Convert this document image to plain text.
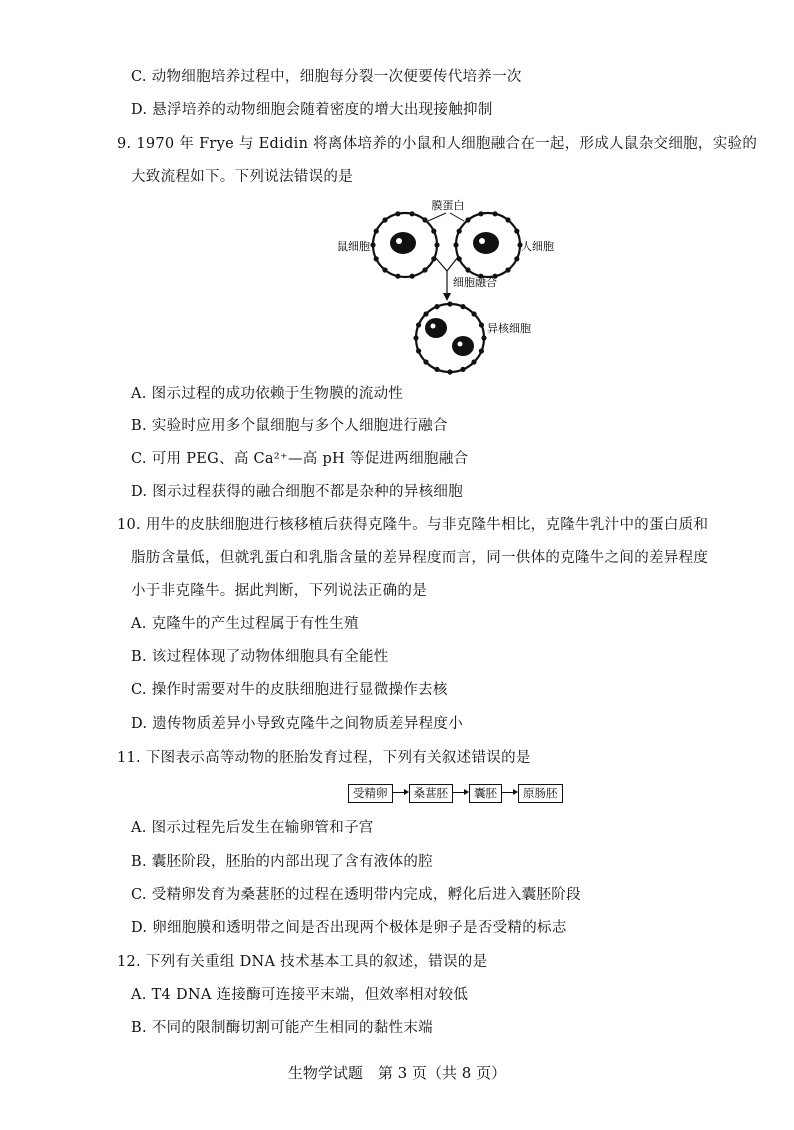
C. 动物细胞培养过程中，细胞每分裂一次便要传代培养一次
D. 悬浮培养的动物细胞会随着密度的增大出现接触抑制
9. 1970 年 Frye 与 Edidin 将离体培养的小鼠和人细胞融合在一起，形成人鼠杂交细胞，实验的
大致流程如下。下列说法错误的是
膜蛋白
鼠细胞	人细胞
细胞融合
异核细胞
A. 图示过程的成功依赖于生物膜的流动性
B. 实验时应用多个鼠细胞与多个人细胞进行融合
C. 可用 PEG、高 Ca²⁺—高 pH 等促进两细胞融合
D. 图示过程获得的融合细胞不都是杂种的异核细胞
10. 用牛的皮肤细胞进行核移植后获得克隆牛。与非克隆牛相比，克隆牛乳汁中的蛋白质和
脂肪含量低，但就乳蛋白和乳脂含量的差异程度而言，同一供体的克隆牛之间的差异程度
小于非克隆牛。据此判断，下列说法正确的是
A. 克隆牛的产生过程属于有性生殖
B. 该过程体现了动物体细胞具有全能性
C. 操作时需要对牛的皮肤细胞进行显微操作去核
D. 遗传物质差异小导致克隆牛之间物质差异程度小
11. 下图表示高等动物的胚胎发育过程，下列有关叙述错误的是
受精卵	桑葚胚	囊胚	原肠胚
A. 图示过程先后发生在输卵管和子宫
B. 囊胚阶段，胚胎的内部出现了含有液体的腔
C. 受精卵发育为桑葚胚的过程在透明带内完成，孵化后进入囊胚阶段
D. 卵细胞膜和透明带之间是否出现两个极体是卵子是否受精的标志
12. 下列有关重组 DNA 技术基本工具的叙述，错误的是
A. T4 DNA 连接酶可连接平末端，但效率相对较低
B. 不同的限制酶切割可能产生相同的黏性末端
生物学试题　第 3 页（共 8 页）
